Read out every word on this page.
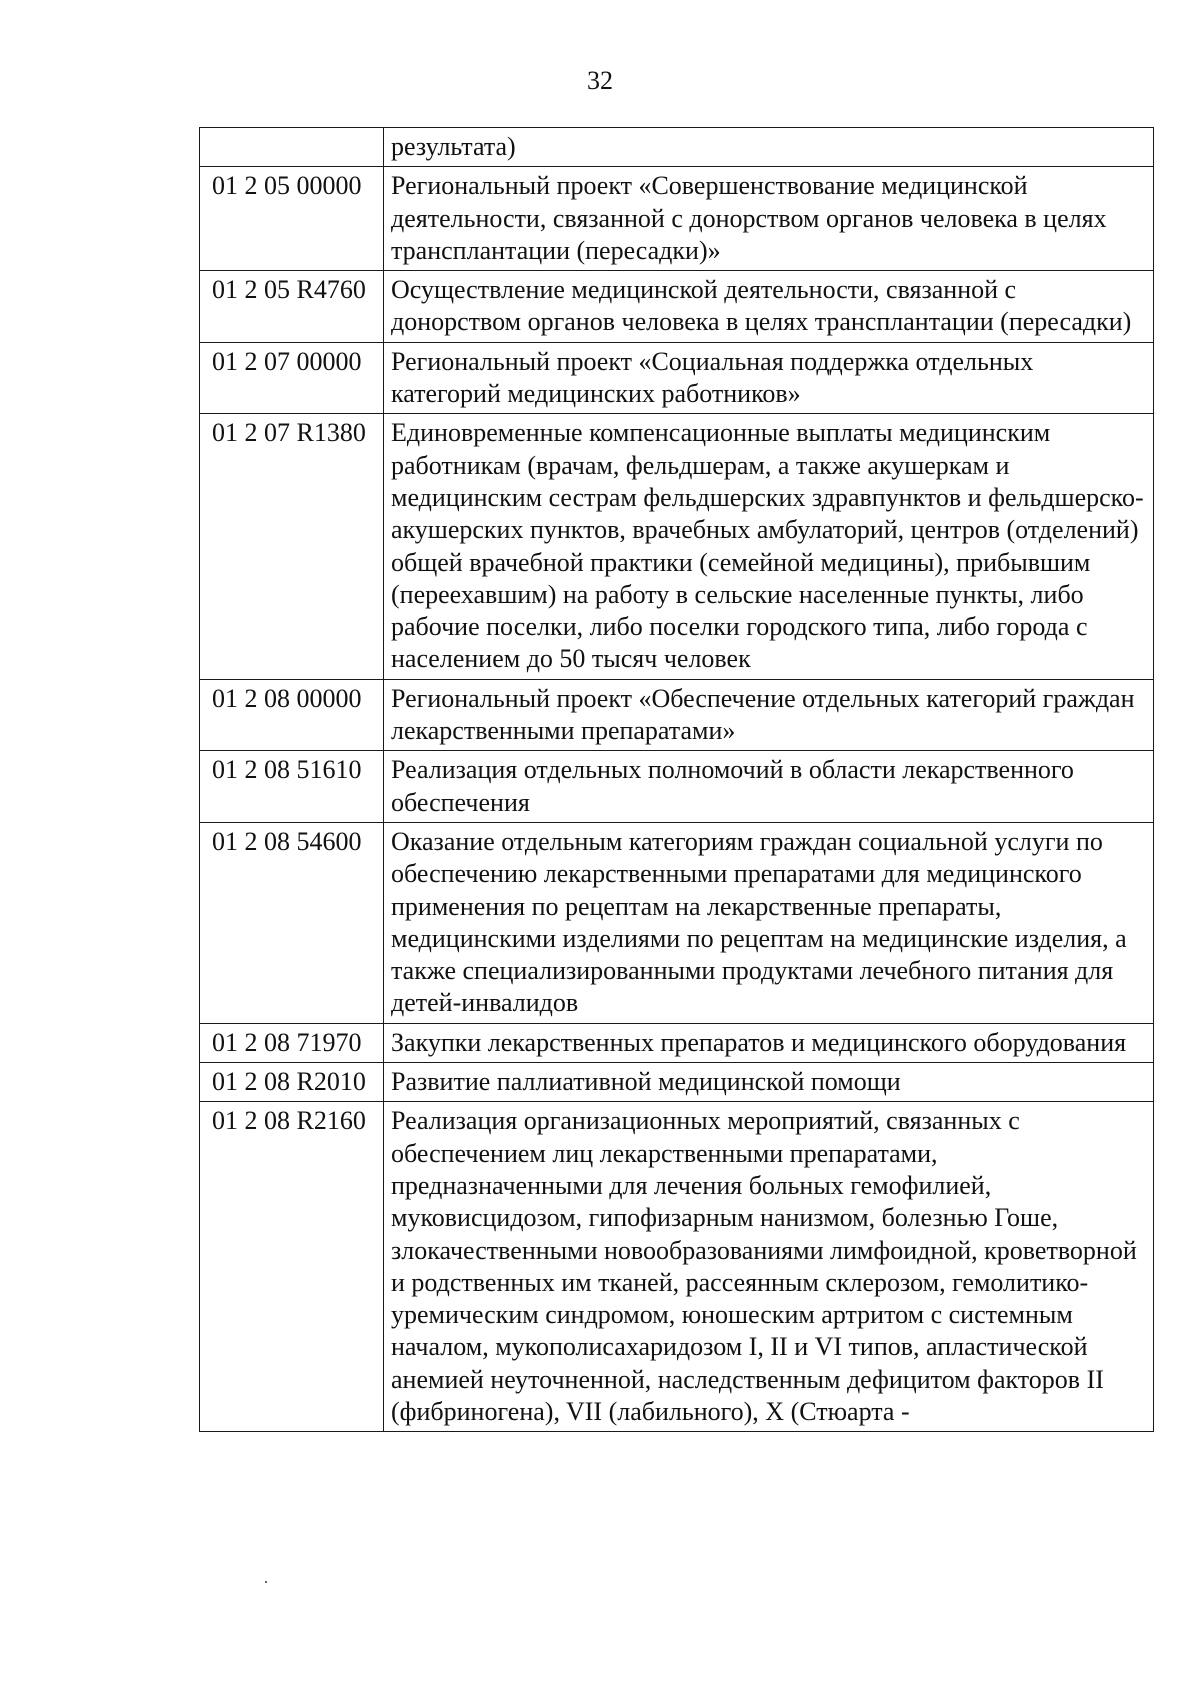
32
	результата)
01 2 05 00000	Региональный проект «Совершенствование медицинской деятельности, связанной с донорством органов человека в целях трансплантации (пересадки)»
01 2 05 R4760	Осуществление медицинской деятельности, связанной с донорством органов человека в целях трансплантации (пересадки)
01 2 07 00000	Региональный проект «Социальная поддержка отдельных категорий медицинских работников»
01 2 07 R1380	Единовременные компенсационные выплаты медицинским работникам (врачам, фельдшерам, а также акушеркам и медицинским сестрам фельдшерских здравпунктов и фельдшерско-акушерских пунктов, врачебных амбулаторий, центров (отделений) общей врачебной практики (семейной медицины), прибывшим (переехавшим) на работу в сельские населенные пункты, либо рабочие поселки, либо поселки городского типа, либо города с населением до 50 тысяч человек
01 2 08 00000	Региональный проект «Обеспечение отдельных категорий граждан лекарственными препаратами»
01 2 08 51610	Реализация отдельных полномочий в области лекарственного обеспечения
01 2 08 54600	Оказание отдельным категориям граждан социальной услуги по обеспечению лекарственными препаратами для медицинского применения по рецептам на лекарственные препараты, медицинскими изделиями по рецептам на медицинские изделия, а также специализированными продуктами лечебного питания для детей-инвалидов
01 2 08 71970	Закупки лекарственных препаратов и медицинского оборудования
01 2 08 R2010	Развитие паллиативной медицинской помощи
01 2 08 R2160	Реализация организационных мероприятий, связанных с обеспечением лиц лекарственными препаратами, предназначенными для лечения больных гемофилией, муковисцидозом, гипофизарным нанизмом, болезнью Гоше, злокачественными новообразованиями лимфоидной, кроветворной и родственных им тканей, рассеянным склерозом, гемолитико-уремическим синдромом, юношеским артритом с системным началом, мукополисахаридозом I, II и VI типов, апластической анемией неуточненной, наследственным дефицитом факторов II (фибриногена), VII (лабильного), X (Стюарта -
